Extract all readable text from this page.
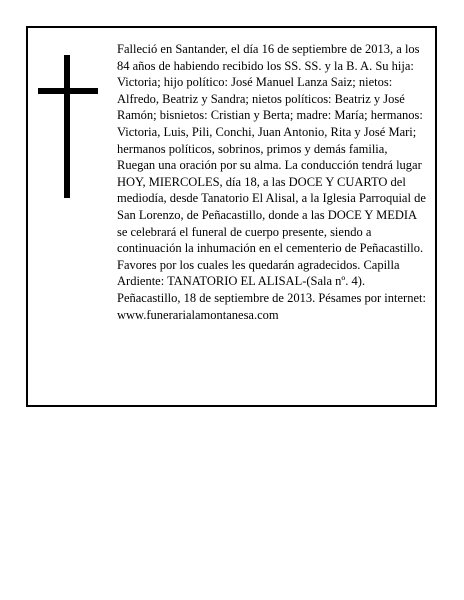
Falleció en Santander, el día 16 de septiembre de 2013, a los 84 años de habiendo recibido los SS. SS. y la B. A. Su hija: Victoria; hijo político: José Manuel Lanza Saiz; nietos: Alfredo, Beatriz y Sandra; nietos políticos: Beatriz y José Ramón; bisnietos: Cristian y Berta; madre: María; hermanos: Victoria, Luis, Pili, Conchi, Juan Antonio, Rita y José Mari; hermanos políticos, sobrinos, primos y demás familia,

Ruegan una oración por su alma. La conducción tendrá lugar HOY, MIERCOLES, día 18, a las DOCE Y CUARTO del mediodía, desde Tanatorio El Alisal, a la Iglesia Parroquial de San Lorenzo, de Peñacastillo, donde a las DOCE Y MEDIA se celebrará el funeral de cuerpo presente, siendo a continuación la inhumación en el cementerio de Peñacastillo. Favores por los cuales les quedarán agradecidos. Capilla Ardiente: TANATORIO EL ALISAL-(Sala nº. 4).

Peñacastillo, 18 de septiembre de 2013. Pésames por internet: www.funerarialamontanesa.com
